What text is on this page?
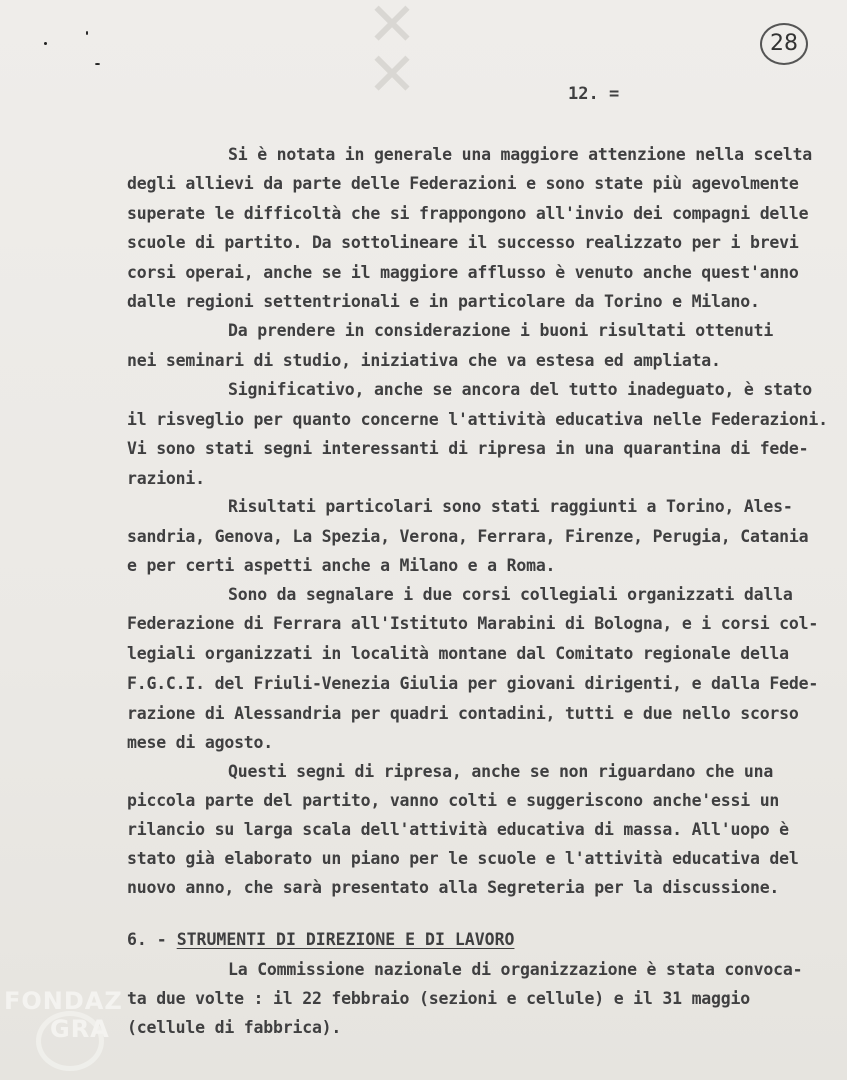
✕
✕	28
12. =
Si è notata in generale una maggiore attenzione nella scelta
degli allievi da parte delle Federazioni e sono state più agevolmente
superate le difficoltà che si frappongono all'invio dei compagni delle
scuole di partito. Da sottolineare il successo realizzato per i brevi
corsi operai, anche se il maggiore afflusso è venuto anche quest'anno
dalle regioni settentrionali e in particolare da Torino e Milano.
Da prendere in considerazione i buoni risultati ottenuti
nei seminari di studio, iniziativa che va estesa ed ampliata.
Significativo, anche se ancora del tutto inadeguato, è stato
il risveglio per quanto concerne l'attività educativa nelle Federazioni.
Vi sono stati segni interessanti di ripresa in una quarantina di fede-
razioni.
Risultati particolari sono stati raggiunti a Torino, Ales-
sandria, Genova, La Spezia, Verona, Ferrara, Firenze, Perugia, Catania
e per certi aspetti anche a Milano e a Roma.
Sono da segnalare i due corsi collegiali organizzati dalla
Federazione di Ferrara all'Istituto Marabini di Bologna, e i corsi col-
legiali organizzati in località montane dal Comitato regionale della
F.G.C.I. del Friuli-Venezia Giulia per giovani dirigenti, e dalla Fede-
razione di Alessandria per quadri contadini, tutti e due nello scorso
mese di agosto.
Questi segni di ripresa, anche se non riguardano che una
piccola parte del partito, vanno colti e suggeriscono anche'essi un
rilancio su larga scala dell'attività educativa di massa. All'uopo è
stato già elaborato un piano per le scuole e l'attività educativa del
nuovo anno, che sarà presentato alla Segreteria per la discussione.
6. - STRUMENTI DI DIREZIONE E DI LAVORO
La Commissione nazionale di organizzazione è stata convoca-
ta due volte : il 22 febbraio (sezioni e cellule) e il 31 maggio
(cellule di fabbrica).
FONDAZ
GRA
